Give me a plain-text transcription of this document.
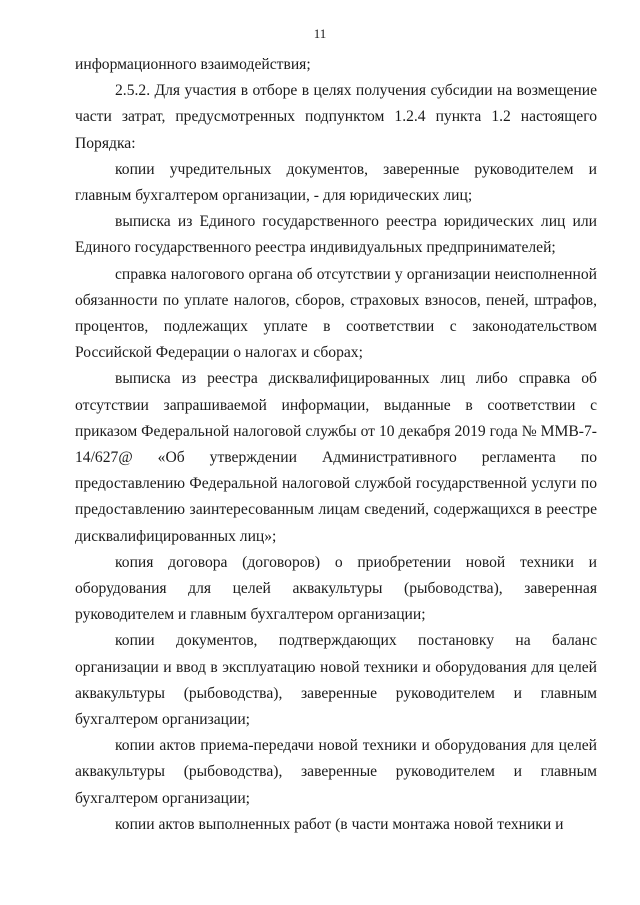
11

информационного взаимодействия;

2.5.2. Для участия в отборе в целях получения субсидии на возмещение части затрат, предусмотренных подпунктом 1.2.4 пункта 1.2 настоящего Порядка:

копии учредительных документов, заверенные руководителем и главным бухгалтером организации, - для юридических лиц;

выписка из Единого государственного реестра юридических лиц или Единого государственного реестра индивидуальных предпринимателей;

справка налогового органа об отсутствии у организации неисполненной обязанности по уплате налогов, сборов, страховых взносов, пеней, штрафов, процентов, подлежащих уплате в соответствии с законодательством Российской Федерации о налогах и сборах;

выписка из реестра дисквалифицированных лиц либо справка об отсутствии запрашиваемой информации, выданные в соответствии с приказом Федеральной налоговой службы от 10 декабря 2019 года № ММВ-7-14/627@ «Об утверждении Административного регламента по предоставлению Федеральной налоговой службой государственной услуги по предоставлению заинтересованным лицам сведений, содержащихся в реестре дисквалифицированных лиц»;

копия договора (договоров) о приобретении новой техники и оборудования для целей аквакультуры (рыбоводства), заверенная руководителем и главным бухгалтером организации;

копии документов, подтверждающих постановку на баланс организации и ввод в эксплуатацию новой техники и оборудования для целей аквакультуры (рыбоводства), заверенные руководителем и главным бухгалтером организации;

копии актов приема-передачи новой техники и оборудования для целей аквакультуры (рыбоводства), заверенные руководителем и главным бухгалтером организации;

копии актов выполненных работ (в части монтажа новой техники и
